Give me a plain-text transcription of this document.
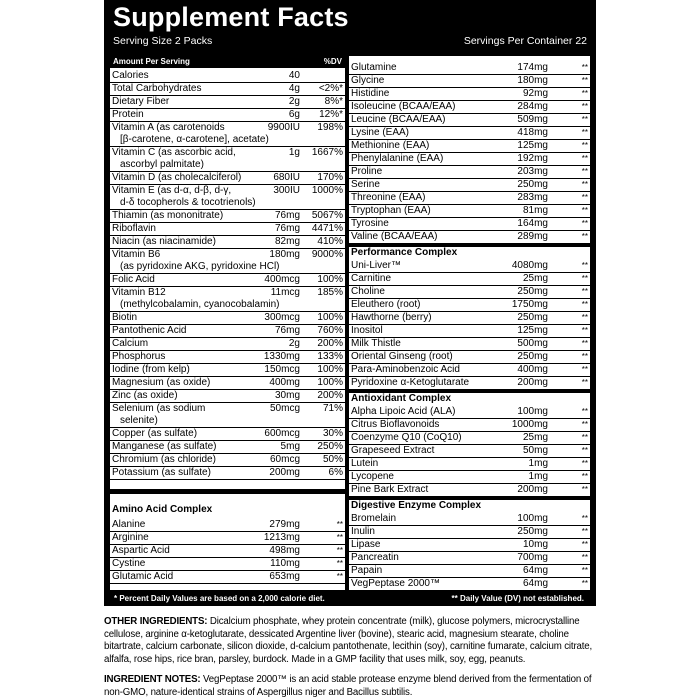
Supplement Facts
Serving Size 2 Packs	Servings Per Container 22
Amount Per Serving	%DV
Calories	40
Total Carbohydrates	4g <2%*
Dietary Fiber	2g 8%*
Protein	6g 12%*
Vitamin A (as carotenoids
[β-carotene, α-carotene], acetate)
9900IU 198%
Vitamin C (as ascorbic acid,
ascorbyl palmitate)
1g 1667%
Vitamin D (as cholecalciferol)	680IU 170%
Vitamin E (as d-α, d-β, d-γ,
d-δ tocopherols & tocotrienols)
300IU 1000%
Thiamin (as mononitrate)	76mg 5067%
Riboflavin	76mg 4471%
Niacin (as niacinamide)	82mg 410%
Vitamin B6
(as pyridoxine AKG, pyridoxine HCl)
180mg 9000%
Folic Acid	400mcg 100%
Vitamin B12
(methylcobalamin, cyanocobalamin)
11mcg 185%
Biotin	300mcg 100%
Pantothenic Acid	76mg 760%
Calcium	2g 200%
Phosphorus	1330mg 133%
Iodine (from kelp)	150mcg 100%
Magnesium (as oxide)	400mg 100%
Zinc (as oxide)	30mg 200%
Selenium (as sodium
selenite)
50mcg 71%
Copper (as sulfate)	600mcg 30%
Manganese (as sulfate)	5mg 250%
Chromium (as chloride)	60mcg 50%
Potassium (as sulfate)	200mg	6%
Amino Acid Complex
Alanine	279mg	**
Arginine	1213mg	**
Aspartic Acid	498mg	**
Cystine	110mg	**
Glutamic Acid	653mg	**
Glutamine	174mg	**
Glycine	180mg	**
Histidine	92mg	**
Isoleucine (BCAA/EAA)	284mg	**
Leucine (BCAA/EAA)	509mg	**
Lysine (EAA)	418mg	**
Methionine (EAA)	125mg	**
Phenylalanine (EAA)	192mg	**
Proline	203mg	**
Serine	250mg	**
Threonine (EAA)	283mg	**
Tryptophan (EAA)	81mg	**
Tyrosine	164mg	**
Valine (BCAA/EAA)	289mg	**
Performance Complex
Uni-Liver™	4080mg	**
Carnitine	25mg	**
Choline	250mg	**
Eleuthero (root)	1750mg	**
Hawthorne (berry)	250mg	**
Inositol	125mg	**
Milk Thistle	500mg	**
Oriental Ginseng (root)	250mg	**
Para-Aminobenzoic Acid	400mg	**
Pyridoxine α-Ketoglutarate	200mg	**
Antioxidant Complex
Alpha Lipoic Acid (ALA)	100mg	**
Citrus Bioflavonoids	1000mg	**
Coenzyme Q10 (CoQ10)	25mg	**
Grapeseed Extract	50mg	**
Lutein	1mg	**
Lycopene	1mg	**
Pine Bark Extract	200mg	**
Digestive Enzyme Complex
Bromelain	100mg	**
Inulin	250mg	**
Lipase	10mg	**
Pancreatin	700mg	**
Papain	64mg	**
VegPeptase 2000™	64mg	**
* Percent Daily Values are based on a 2,000 calorie diet.	** Daily Value (DV) not established.
OTHER INGREDIENTS: Dicalcium phosphate, whey protein concentrate (milk), glucose polymers, microcrystalline cellulose, arginine α-ketoglutarate, dessicated Argentine liver (bovine), stearic acid, magnesium stearate, choline bitartrate, calcium carbonate, silicon dioxide, d-calcium pantothenate, lecithin (soy), carnitine fumarate, calcium citrate, alfalfa, rose hips, rice bran, parsley, burdock. Made in a GMP facility that uses milk, soy, egg, peanuts.
INGREDIENT NOTES: VegPeptase 2000™ is an acid stable protease enzyme blend derived from the fermentation of non-GMO, nature-identical strains of Aspergillus niger and Bacillus subtilis.
